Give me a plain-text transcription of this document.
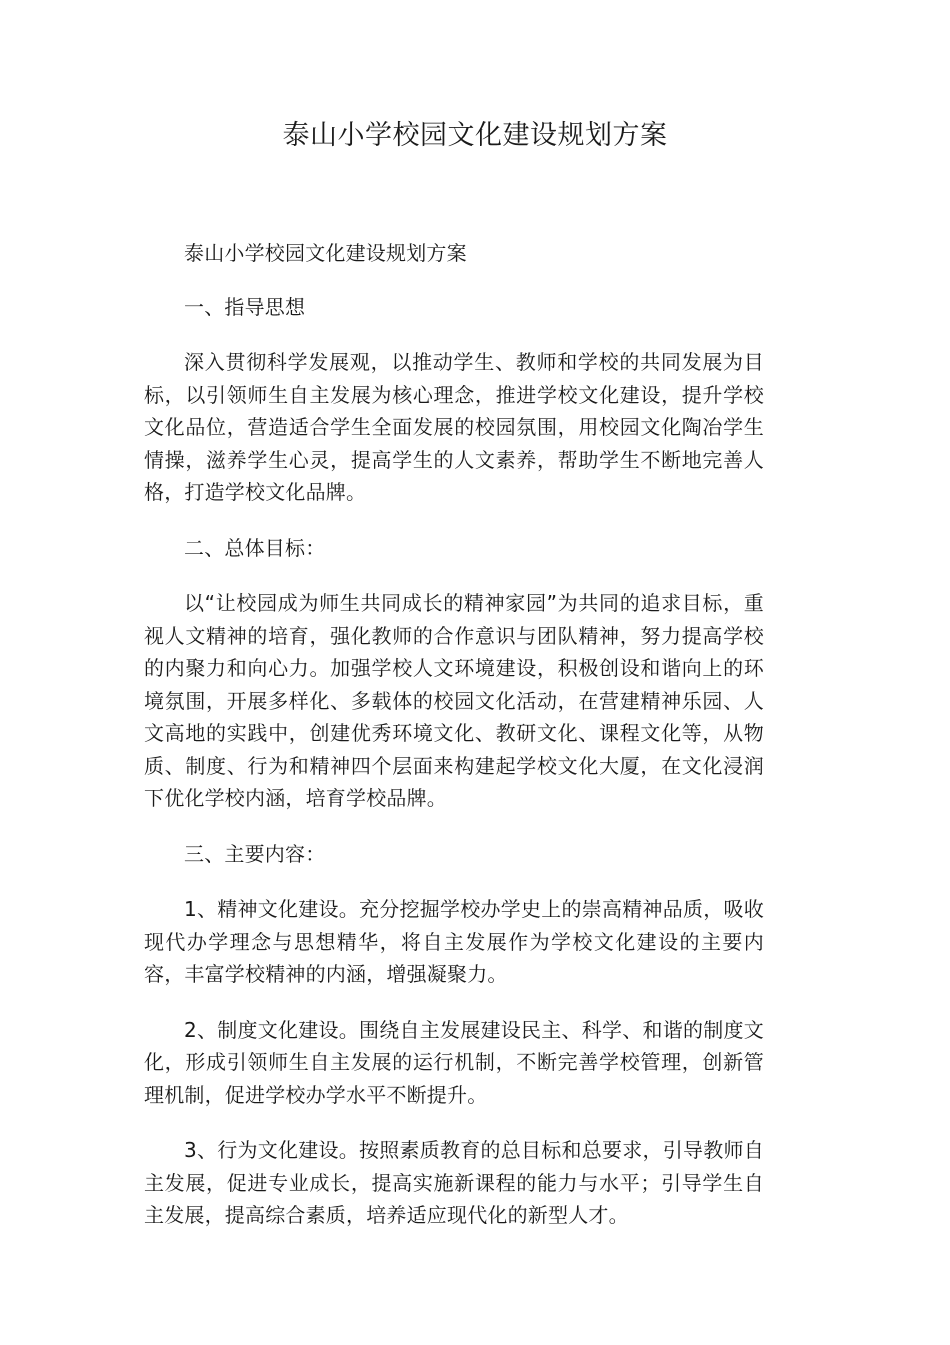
泰山小学校园文化建设规划方案

泰山小学校园文化建设规划方案

一、指导思想

深入贯彻科学发展观，以推动学生、教师和学校的共同发展为目标，以引领师生自主发展为核心理念，推进学校文化建设，提升学校文化品位，营造适合学生全面发展的校园氛围，用校园文化陶冶学生情操，滋养学生心灵，提高学生的人文素养，帮助学生不断地完善人格，打造学校文化品牌。

二、总体目标：

以“让校园成为师生共同成长的精神家园”为共同的追求目标，重视人文精神的培育，强化教师的合作意识与团队精神，努力提高学校的内聚力和向心力。加强学校人文环境建设，积极创设和谐向上的环境氛围，开展多样化、多载体的校园文化活动，在营建精神乐园、人文高地的实践中，创建优秀环境文化、教研文化、课程文化等，从物质、制度、行为和精神四个层面来构建起学校文化大厦，在文化浸润下优化学校内涵，培育学校品牌。

三、主要内容：

1、精神文化建设。充分挖掘学校办学史上的崇高精神品质，吸收现代办学理念与思想精华，将自主发展作为学校文化建设的主要内容，丰富学校精神的内涵，增强凝聚力。

2、制度文化建设。围绕自主发展建设民主、科学、和谐的制度文化，形成引领师生自主发展的运行机制，不断完善学校管理，创新管理机制，促进学校办学水平不断提升。

3、行为文化建设。按照素质教育的总目标和总要求，引导教师自主发展，促进专业成长，提高实施新课程的能力与水平；引导学生自主发展，提高综合素质，培养适应现代化的新型人才。
